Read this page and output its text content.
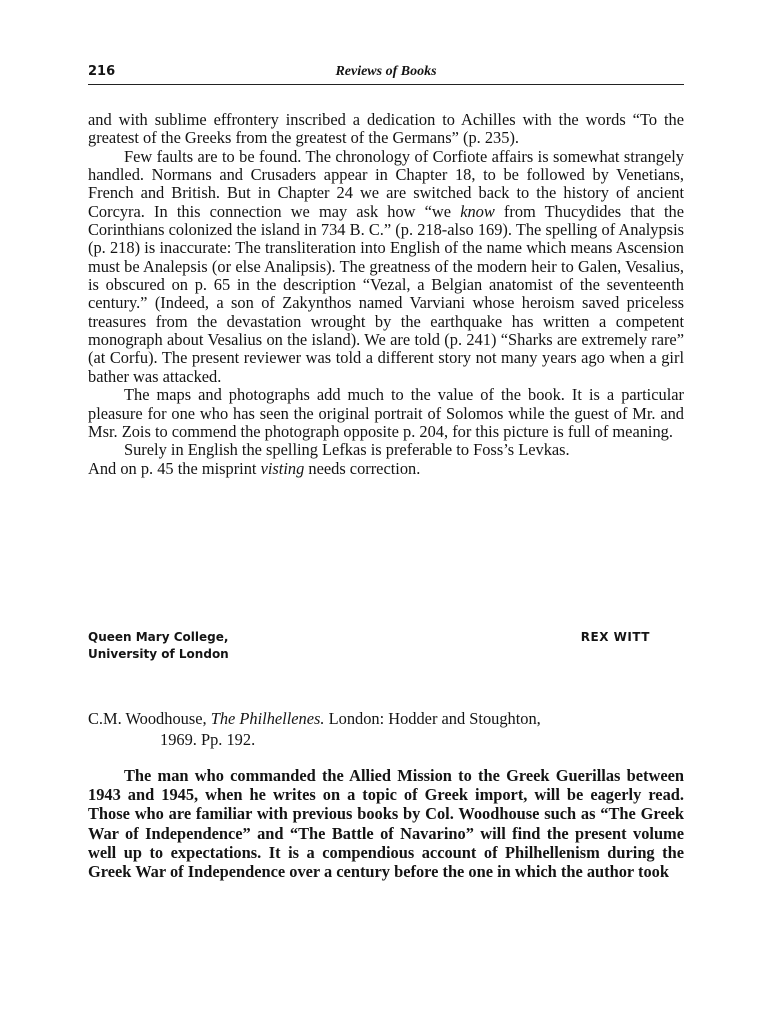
216	Reviews of Books

and with sublime effrontery inscribed a dedication to Achilles with the words “To the greatest of the Greeks from the greatest of the Germans” (p. 235).

Few faults are to be found. The chronology of Corfiote affairs is somewhat strangely handled. Normans and Crusaders appear in Chapter 18, to be followed by Venetians, French and British. But in Chapter 24 we are switched back to the history of ancient Corcyra. In this connection we may ask how “we know from Thucydides that the Corinthians colonized the island in 734 B. C.” (p. 218-also 169). The spelling of Analypsis (p. 218) is inaccurate: The transliteration into English of the name which means Ascension must be Analepsis (or else Analipsis). The greatness of the modern heir to Galen, Vesalius, is obscured on p. 65 in the description “Vezal, a Belgian anatomist of the seventeenth century.” (Indeed, a son of Zakynthos named Varviani whose heroism saved priceless treasures from the devastation wrought by the earthquake has written a competent monograph about Vesalius on the island). We are told (p. 241) “Sharks are extremely rare” (at Corfu). The present reviewer was told a different story not many years ago when a girl bather was attacked.

The maps and photographs add much to the value of the book. It is a particular pleasure for one who has seen the original portrait of Solomos while the guest of Mr. and Msr. Zois to commend the photograph opposite p. 204, for this picture is full of meaning.

Surely in English the spelling Lefkas is preferable to Foss’s Levkas.

And on p. 45 the misprint visting needs correction.

Queen Mary College,
University of London
REX WITT
C.M. Woodhouse, The Philhellenes. London: Hodder and Stoughton,
1969. Pp. 192.

The man who commanded the Allied Mission to the Greek Guerillas between 1943 and 1945, when he writes on a topic of Greek import, will be eagerly read. Those who are familiar with previous books by Col. Woodhouse such as “The Greek War of Independence” and “The Battle of Navarino” will find the present volume well up to expectations. It is a compendious account of Philhellenism during the Greek War of Independence over a century before the one in which the author took
